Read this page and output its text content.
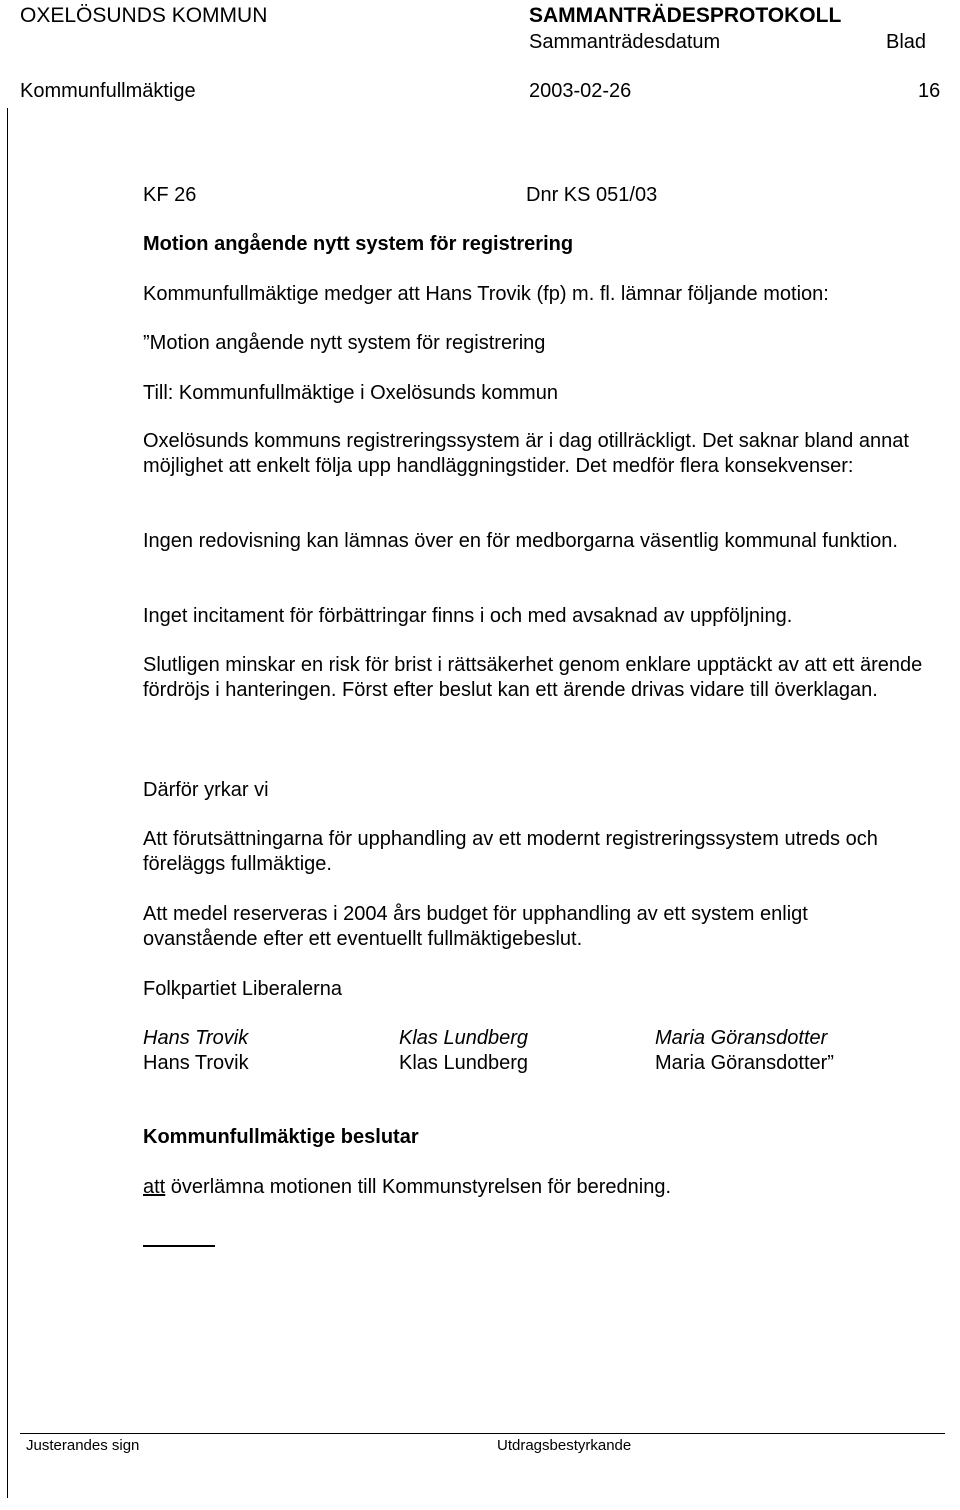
OXELÖSUNDS KOMMUN	SAMMANTRÄDESPROTOKOLL
Sammanträdesdatum	Blad
Kommunfullmäktige	2003-02-26	16
KF 26	Dnr KS 051/03
Motion angående nytt system för registrering
Kommunfullmäktige medger att Hans Trovik (fp) m. fl. lämnar följande motion:
”Motion angående nytt system för registrering
Till: Kommunfullmäktige i Oxelösunds kommun

Oxelösunds kommuns registreringssystem är i dag otillräckligt. Det saknar bland annat möjlighet att enkelt följa upp handläggningstider. Det medför flera konsekvenser:

Ingen redovisning kan lämnas över en för medborgarna väsentlig kommunal funktion.

Inget incitament för förbättringar finns i och med avsaknad av uppföljning.

Slutligen minskar en risk för brist i rättsäkerhet genom enklare upptäckt av att ett ärende fördröjs i hanteringen. Först efter beslut kan ett ärende drivas vidare till överklagan.

Därför yrkar vi

Att förutsättningarna för upphandling av ett modernt registreringssystem utreds och föreläggs fullmäktige.

Att medel reserveras i 2004 års budget för upphandling av ett system enligt ovanstående efter ett eventuellt fullmäktigebeslut.

Folkpartiet Liberalerna
Hans Trovik	Klas Lundberg	Maria Göransdotter
Hans Trovik	Klas Lundberg	Maria Göransdotter”
Kommunfullmäktige beslutar
att överlämna motionen till Kommunstyrelsen för beredning.
Justerandes sign	Utdragsbestyrkande
